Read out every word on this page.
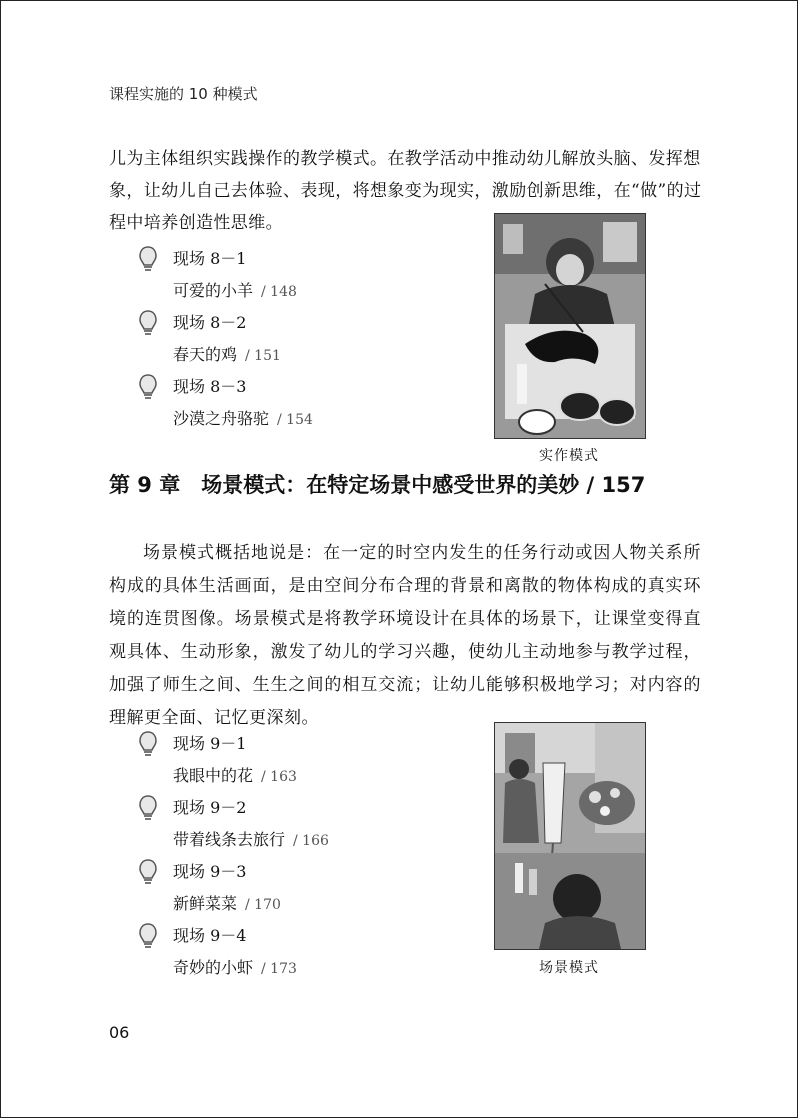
课程实施的 10 种模式

儿为主体组织实践操作的教学模式。在教学活动中推动幼儿解放头脑、发挥想象，让幼儿自己去体验、表现，将想象变为现实，激励创新思维，在“做”的过程中培养创造性思维。

现场 8－1
可爱的小羊 / 148
现场 8－2
春天的鸡 / 151
现场 8－3
沙漠之舟骆驼 / 154
实作模式
第 9 章　场景模式：在特定场景中感受世界的美妙 / 157

场景模式概括地说是：在一定的时空内发生的任务行动或因人物关系所构成的具体生活画面，是由空间分布合理的背景和离散的物体构成的真实环境的连贯图像。场景模式是将教学环境设计在具体的场景下，让课堂变得直观具体、生动形象，激发了幼儿的学习兴趣，使幼儿主动地参与教学过程，加强了师生之间、生生之间的相互交流；让幼儿能够积极地学习；对内容的理解更全面、记忆更深刻。

现场 9－1
我眼中的花 / 163
现场 9－2
带着线条去旅行 / 166
现场 9－3
新鲜菜菜 / 170
现场 9－4
奇妙的小虾 / 173	场景模式
06
